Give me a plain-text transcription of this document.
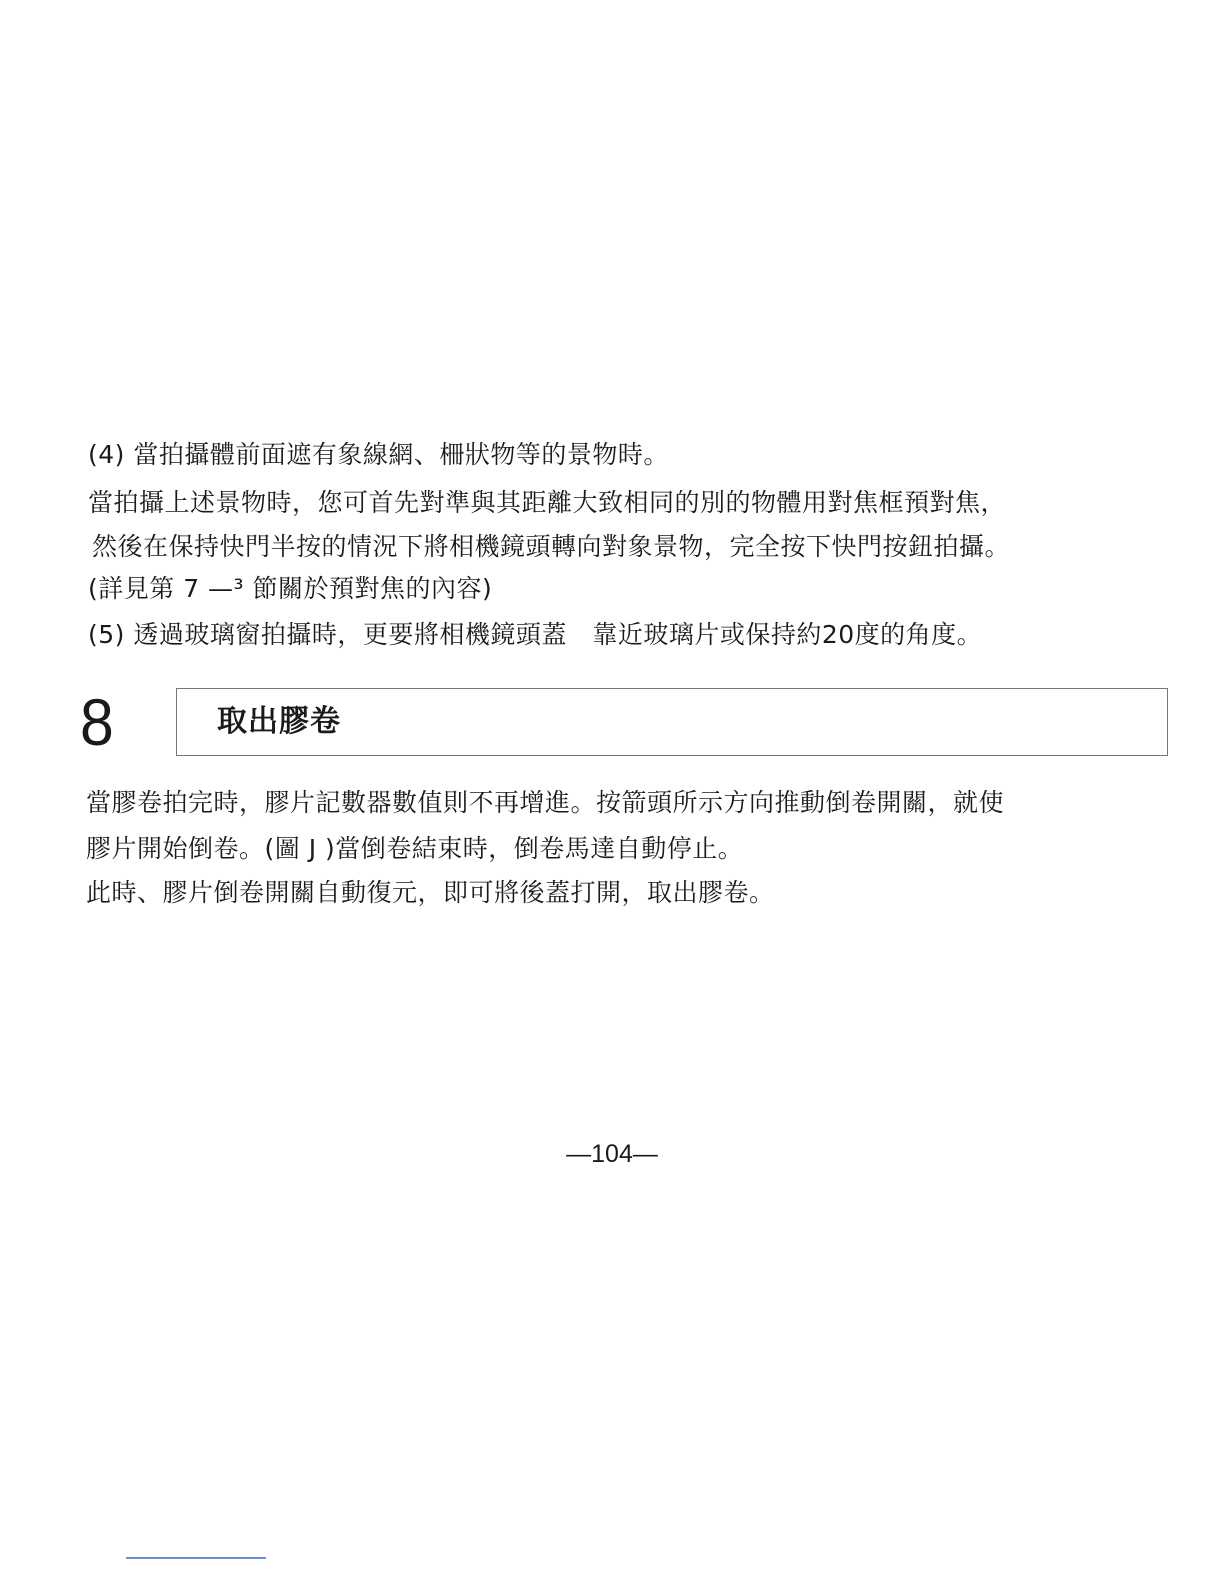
(4) 當拍攝體前面遮有象線網、柵狀物等的景物時。
當拍攝上述景物時，您可首先對準與其距離大致相同的別的物體用對焦框預對焦，
然後在保持快門半按的情況下將相機鏡頭轉向對象景物，完全按下快門按鈕拍攝。
(詳見第 7 —³ 節關於預對焦的內容)
(5) 透過玻璃窗拍攝時，更要將相機鏡頭蓋　靠近玻璃片或保持約20度的角度。
8	取出膠卷
當膠卷拍完時，膠片記數器數值則不再增進。按箭頭所示方向推動倒卷開關，就使
膠片開始倒卷。(圖 J )當倒卷結束時，倒卷馬達自動停止。
此時、膠片倒卷開關自動復元，即可將後蓋打開，取出膠卷。
—104—
